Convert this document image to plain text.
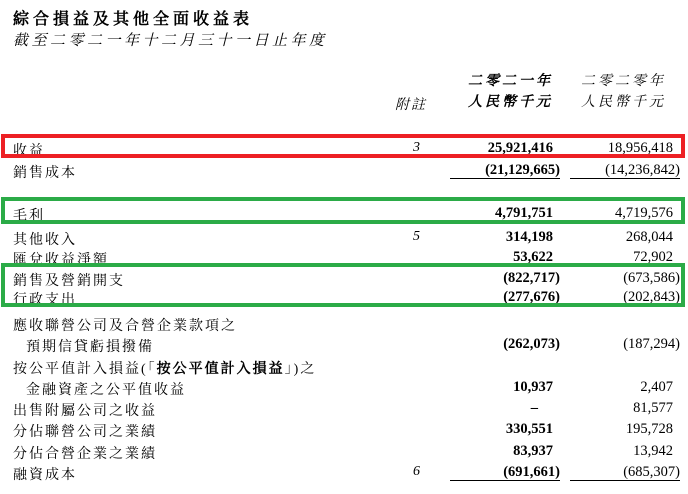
綜合損益及其他全面收益表
截至二零二一年十二月三十一日止年度
附註
二零二一年
人民幣千元
二零二零年
人民幣千元
收益	3	25,921,416	18,956,418
銷售成本	(21,129,665)	(14,236,842)
毛利	4,791,751	4,719,576
其他收入	5	314,198	268,044
匯兌收益淨額	53,622	72,902
銷售及營銷開支	(822,717)	(673,586)
行政支出	(277,676)	(202,843)
應收聯營公司及合營企業款項之
預期信貸虧損撥備	(262,073)	(187,294)
按公平值計入損益(「按公平值計入損益」)之
金融資產之公平值收益	10,937	2,407
出售附屬公司之收益	–	81,577
分佔聯營公司之業績	330,551	195,728
分佔合營企業之業績	83,937	13,942
融資成本	6	(691,661)	(685,307)
